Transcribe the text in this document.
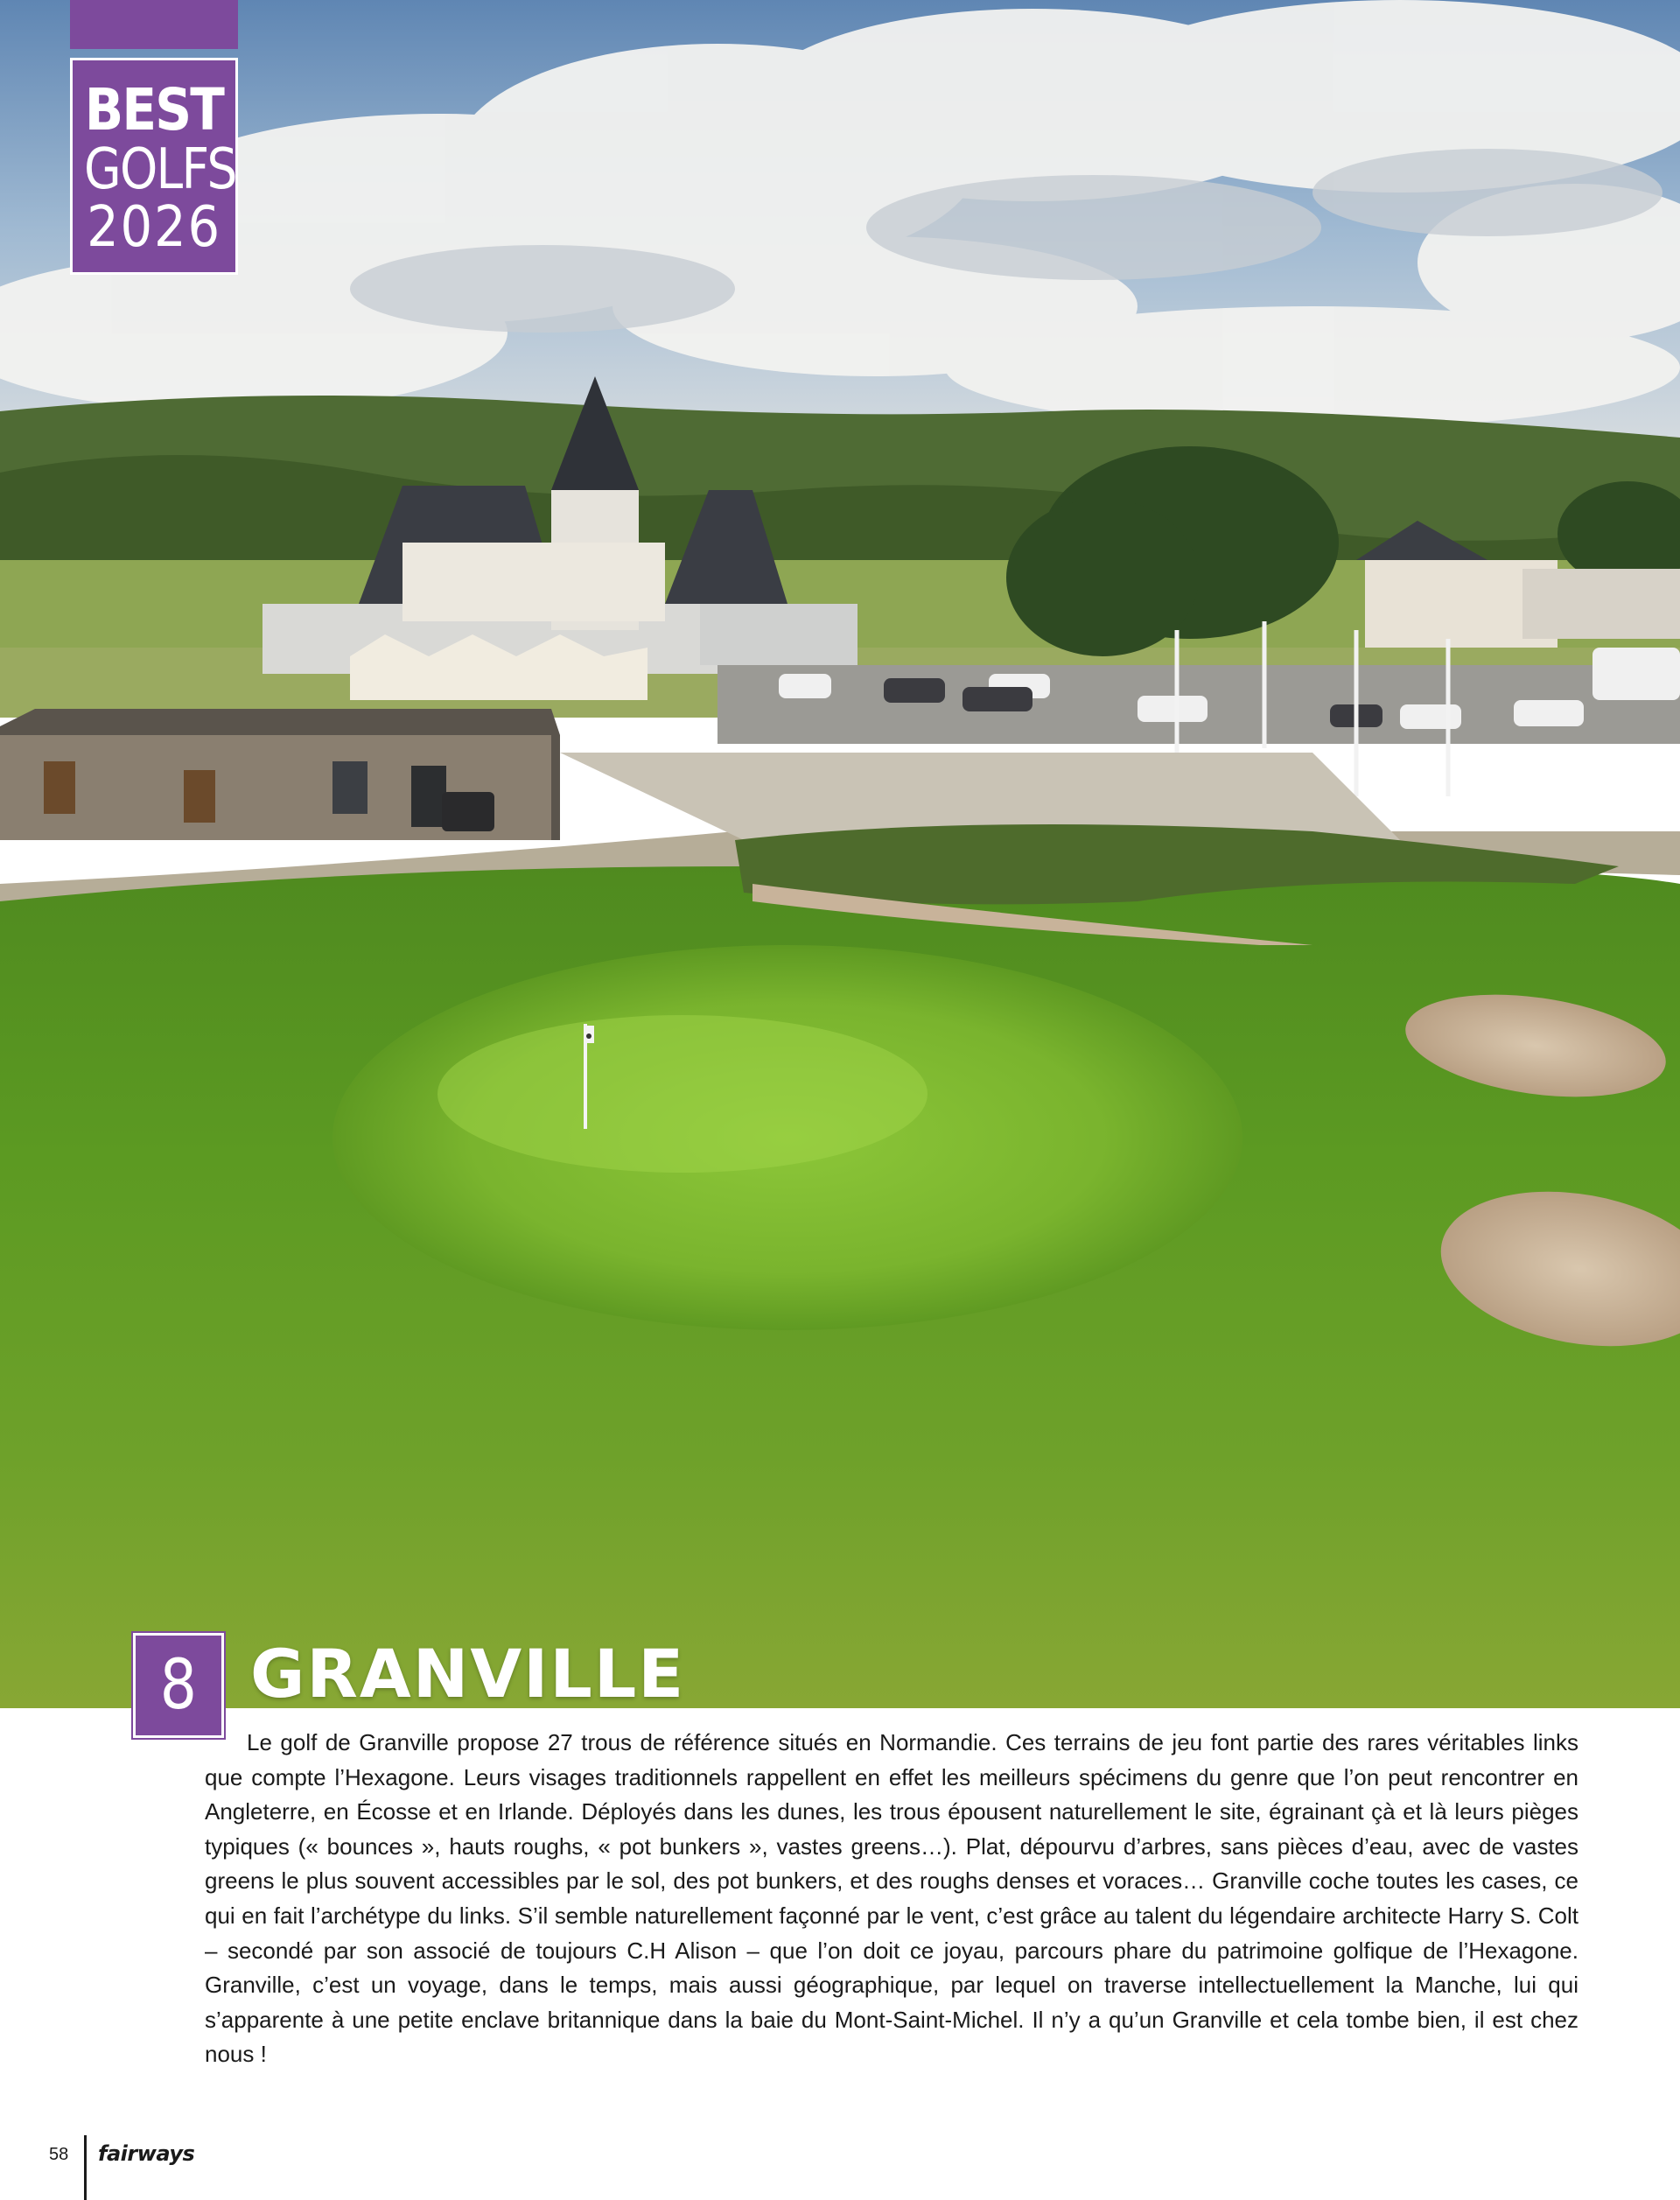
BEST
GOLFS
2026
8 GRANVILLE

Le golf de Granville propose 27 trous de référence situés en Normandie. Ces terrains de jeu font partie des rares véritables links que compte l’Hexagone. Leurs visages traditionnels rappellent en effet les meilleurs spécimens du genre que l’on peut rencontrer en Angleterre, en Écosse et en Irlande. Déployés dans les dunes, les trous épousent naturellement le site, égrainant çà et là leurs pièges typiques (« bounces », hauts roughs, « pot bunkers », vastes greens…). Plat, dépourvu d’arbres, sans pièces d’eau, avec de vastes greens le plus souvent accessibles par le sol, des pot bunkers, et des roughs denses et voraces… Granville coche toutes les cases, ce qui en fait l’archétype du links. S’il semble naturellement façonné par le vent, c’est grâce au talent du légendaire architecte Harry S. Colt – secondé par son associé de toujours C.H Alison – que l’on doit ce joyau, parcours phare du patrimoine golfique de l’Hexagone. Granville, c’est un voyage, dans le temps, mais aussi géographique, par lequel on traverse intellectuellement la Manche, lui qui s’apparente à une petite enclave britannique dans la baie du Mont-Saint-Michel. Il n’y a qu’un Granville et cela tombe bien, il est chez nous !

58 fairways
